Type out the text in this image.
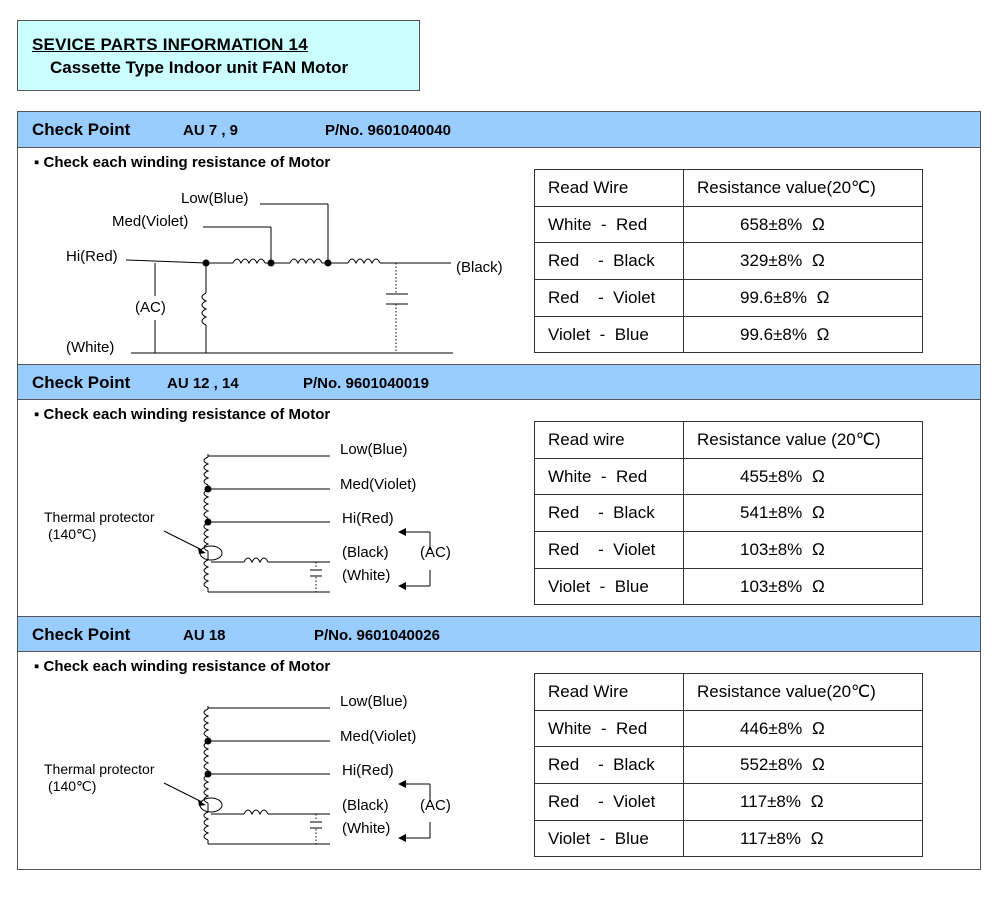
SEVICE PARTS INFORMATION 14
Cassette Type Indoor unit FAN Motor
Check Point	AU 7 , 9	P/No. 9601040040
▪ Check each winding resistance of Motor
Low(Blue)
Med(Violet)
Hi(Red)
(Black)
(AC)
(White)
Read Wire	Resistance value(20℃)
White  -  Red	658±8%  Ω
Red    -  Black	329±8%  Ω
Red    -  Violet	99.6±8%  Ω
Violet  -  Blue	99.6±8%  Ω
Check Point AU 12 , 14	P/No. 9601040019
▪ Check each winding resistance of Motor
Low(Blue)
Med(Violet)
Hi(Red)
(Black) (AC)
(White)
Thermal protector
(140℃)
Read wire	Resistance value (20℃)
White  -  Red	455±8%  Ω
Red    -  Black	541±8%  Ω
Red    -  Violet	103±8%  Ω
Violet  -  Blue	103±8%  Ω
Check Point	AU 18	P/No. 9601040026
▪ Check each winding resistance of Motor
Low(Blue)
Med(Violet)
Hi(Red)
(Black) (AC)
(White)
Thermal protector
(140℃)
Read Wire	Resistance value(20℃)
White  -  Red	446±8%  Ω
Red    -  Black	552±8%  Ω
Red    -  Violet	117±8%  Ω
Violet  -  Blue	117±8%  Ω
